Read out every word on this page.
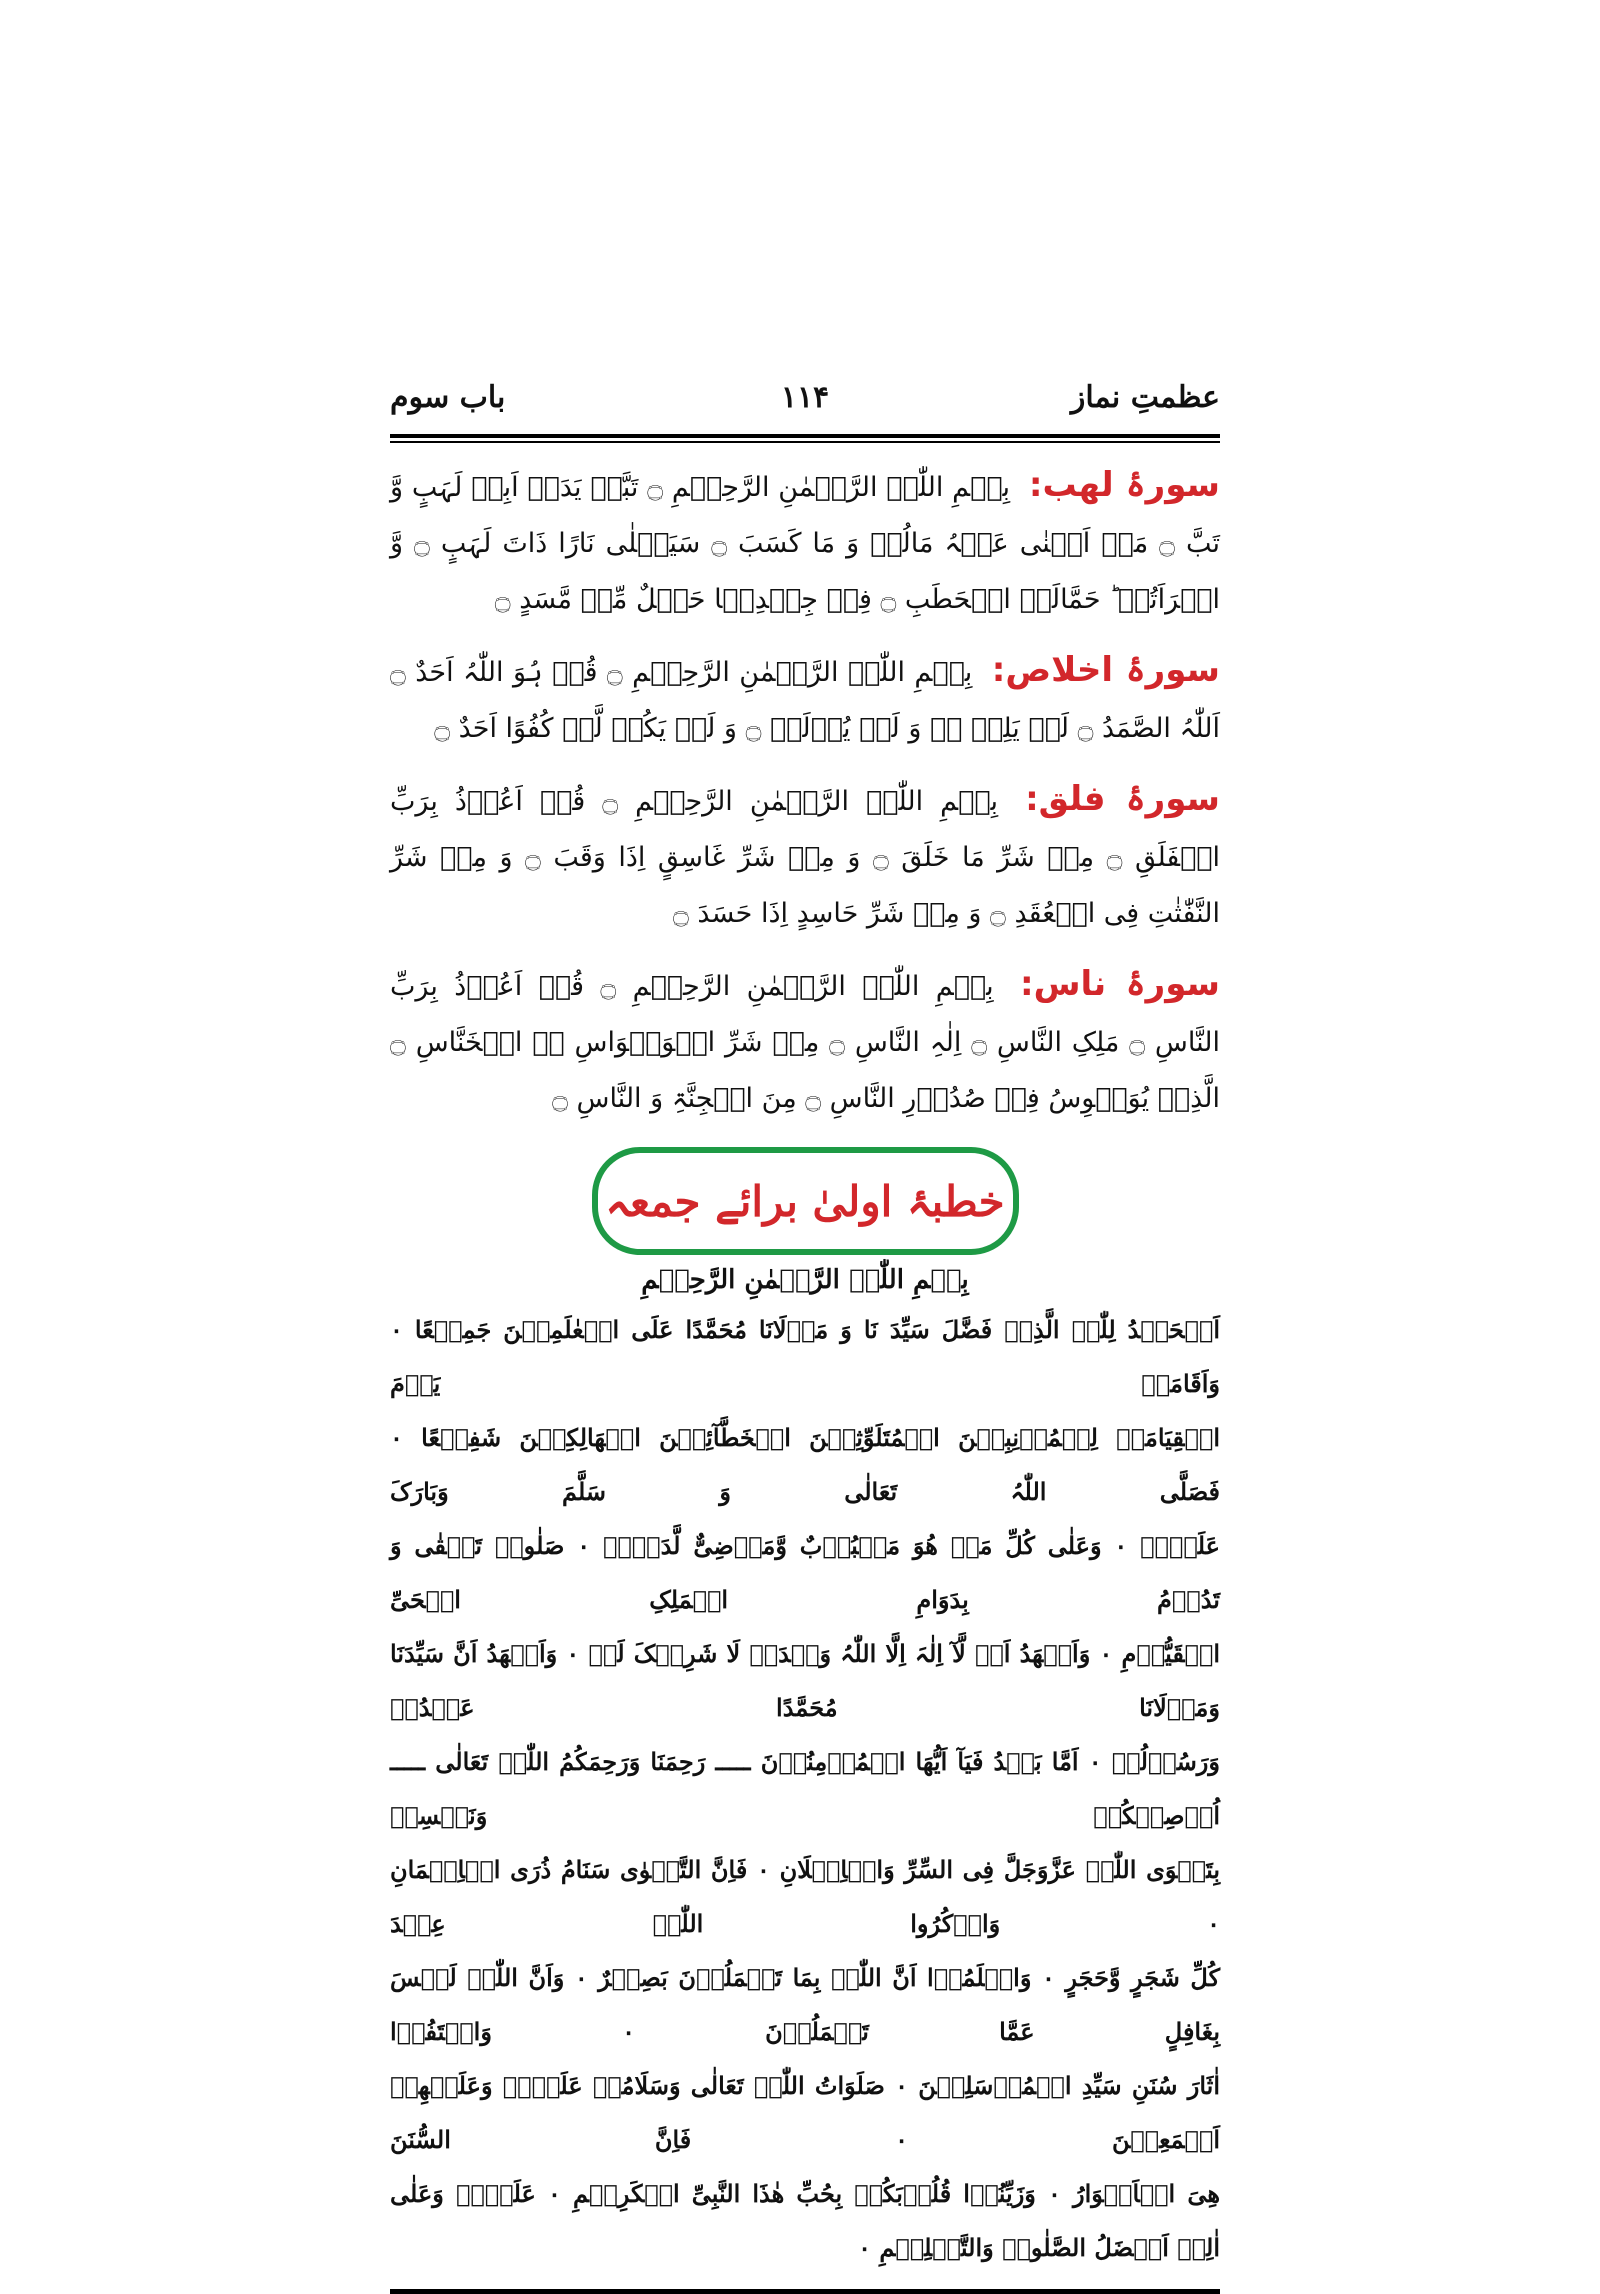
عظمتِ نماز
۱۱۴
باب سوم
سورۂ لھب: بِسۡمِ اللّٰہِ الرَّحۡمٰنِ الرَّحِیۡمِ ۝ تَبَّتۡ یَدَاۤ اَبِیۡ لَہَبٍ وَّ تَبَّ ۝ مَاۤ اَغۡنٰی عَنۡہُ مَالُہٗ وَ مَا کَسَبَ ۝ سَیَصۡلٰی نَارًا ذَاتَ لَہَبٍ ۝ وَّ امۡرَاَتُہٗ ؕ حَمَّالَۃَ الۡحَطَبِ ۝ فِیۡ جِیۡدِہَا حَبۡلٌ مِّنۡ مَّسَدٍ ۝
سورۂ اخلاص: بِسۡمِ اللّٰہِ الرَّحۡمٰنِ الرَّحِیۡمِ ۝ قُلۡ ہُوَ اللّٰہُ اَحَدٌ ۝ اَللّٰہُ الصَّمَدُ ۝ لَمۡ یَلِدۡ ۬ۙ وَ لَمۡ یُوۡلَدۡ ۝ وَ لَمۡ یَکُنۡ لَّہٗ کُفُوًا اَحَدٌ ۝
سورۂ فلق: بِسۡمِ اللّٰہِ الرَّحۡمٰنِ الرَّحِیۡمِ ۝ قُلۡ اَعُوۡذُ بِرَبِّ الۡفَلَقِ ۝ مِنۡ شَرِّ مَا خَلَقَ ۝ وَ مِنۡ شَرِّ غَاسِقٍ اِذَا وَقَبَ ۝ وَ مِنۡ شَرِّ النَّفّٰثٰتِ فِی الۡعُقَدِ ۝ وَ مِنۡ شَرِّ حَاسِدٍ اِذَا حَسَدَ ۝
سورۂ ناس: بِسۡمِ اللّٰہِ الرَّحۡمٰنِ الرَّحِیۡمِ ۝ قُلۡ اَعُوۡذُ بِرَبِّ النَّاسِ ۝ مَلِکِ النَّاسِ ۝ اِلٰہِ النَّاسِ ۝ مِنۡ شَرِّ الۡوَسۡوَاسِ ۬ۙ الۡخَنَّاسِ ۝ الَّذِیۡ یُوَسۡوِسُ فِیۡ صُدُوۡرِ النَّاسِ ۝ مِنَ الۡجِنَّۃِ وَ النَّاسِ ۝
خطبۂ اولیٰ برائے جمعہ
بِسۡمِ اللّٰہِ الرَّحۡمٰنِ الرَّحِیۡمِ

اَلۡحَمۡدُ لِلّٰہِ الَّذِیۡ فَضَّلَ سَیِّدَ نَا وَ مَوۡلَانَا مُحَمَّدًا عَلَی الۡعٰلَمِیۡنَ جَمِیۡعًا ۰ وَاَقَامَہٗ یَوۡمَ

الۡقِیَامَۃِ لِلۡمُذۡنِبِیۡنَ الۡمُتَلَوِّثِیۡنَ الۡخَطَّآئِیۡنَ الۡھَالِکِیۡنَ شَفِیۡعًا ۰ فَصَلَّی اللّٰہُ تَعَالٰی وَ سَلَّمَ وَبَارَکَ

عَلَیۡہِ ۰ وَعَلٰی کُلِّ مَنۡ ھُوَ مَحۡبُوۡبٌ وَّمَرۡضِیٌّ لَّدَیۡہِ ۰ صَلٰوۃً تَبۡقٰی وَ تَدُوۡمُ بِدَوَامِ الۡمَلِکِ الۡحَیِّ

الۡقَیُّوۡمِ ۰ وَاَشۡھَدُ اَنۡ لَّآ اِلٰہَ اِلَّا اللّٰہُ وَحۡدَہٗ لَا شَرِیۡکَ لَہٗ ۰ وَاَشۡھَدُ اَنَّ سَیِّدَنَا وَمَوۡلَانَا مُحَمَّدًا عَبۡدُہٗ

وَرَسُوۡلُہٗ ۰ اَمَّا بَعۡدُ فَیَآ اَیُّھَا الۡمُؤۡمِنُوۡنَ ـــــ رَحِمَنَا وَرَحِمَکُمُ اللّٰہُ تَعَالٰی ـــــ اُوۡصِیۡکُمۡ وَنَفۡسِیۡ

بِتَقۡوَی اللّٰہِ عَزَّوَجَلَّ فِی السِّرِّ وَالۡاِعۡلَانِ ۰ فَاِنَّ التَّقۡوٰی سَنَامُ ذُرَی الۡاِیۡمَانِ ۰ وَاذۡکُرُوا اللّٰہَ عِنۡدَ

کُلِّ شَجَرٍ وَّحَجَرٍ ۰ وَاعۡلَمُوۡا اَنَّ اللّٰہَ بِمَا تَعۡمَلُوۡنَ بَصِیۡرٌ ۰ وَاَنَّ اللّٰہَ لَیۡسَ بِغَافِلٍ عَمَّا تَعۡمَلُوۡنَ ۰ وَاقۡتَفُوۡا

اٰثَارَ سُنَنِ سَیِّدِ الۡمُرۡسَلِیۡنَ ۰ صَلَوَاتُ اللّٰہِ تَعَالٰی وَسَلَامُہٗ عَلَیۡہِ وَعَلَیۡھِمۡ اَجۡمَعِیۡنَ ۰ فَاِنَّ السُّنَنَ

ھِیَ الۡاَنۡوَارُ ۰ وَزَیِّنُوۡا قُلُوۡبَکُمۡ بِحُبِّ ھٰذَا النَّبِیِّ الۡکَرِیۡمِ ۰ عَلَیۡہِ وَعَلٰی اٰلِہٖ اَفۡضَلُ الصَّلٰوۃِ وَالتَّسۡلِیۡمِ ۰
